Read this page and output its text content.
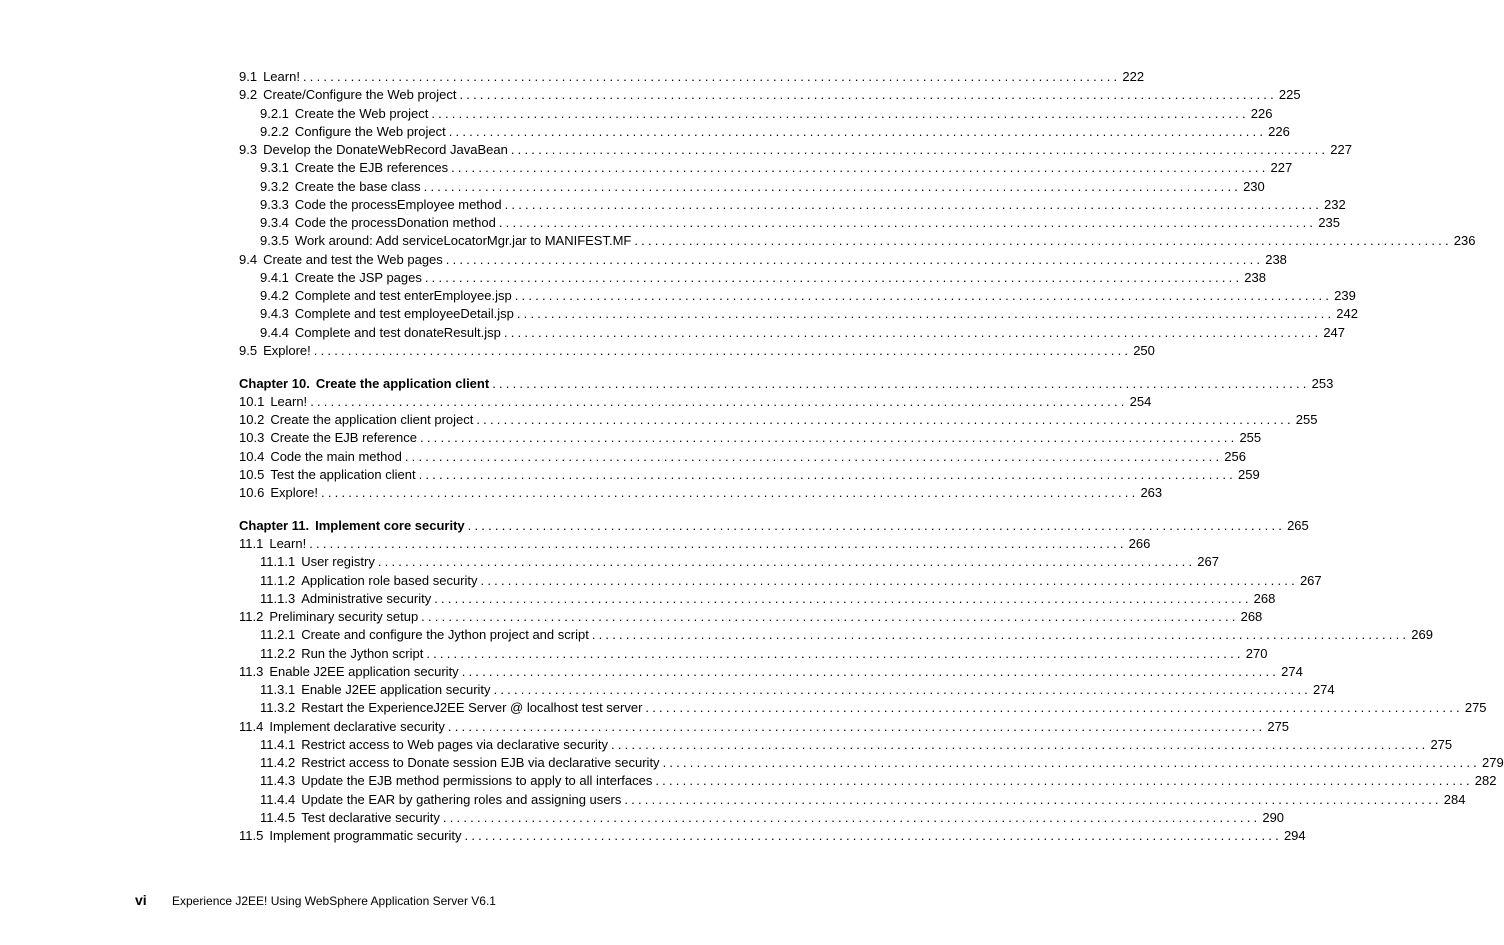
9.1 Learn! ........................................................................................................................ 222
9.2 Create/Configure the Web project ........................................................................................................................ 225
9.2.1 Create the Web project ........................................................................................................................ 226
9.2.2 Configure the Web project ........................................................................................................................ 226
9.3 Develop the DonateWebRecord JavaBean ........................................................................................................................ 227
9.3.1 Create the EJB references ........................................................................................................................ 227
9.3.2 Create the base class ........................................................................................................................ 230
9.3.3 Code the processEmployee method ........................................................................................................................ 232
9.3.4 Code the processDonation method ........................................................................................................................ 235
9.3.5 Work around: Add serviceLocatorMgr.jar to MANIFEST.MF ........................................................................................................................ 236
9.4 Create and test the Web pages ........................................................................................................................ 238
9.4.1 Create the JSP pages ........................................................................................................................ 238
9.4.2 Complete and test enterEmployee.jsp ........................................................................................................................ 239
9.4.3 Complete and test employeeDetail.jsp ........................................................................................................................ 242
9.4.4 Complete and test donateResult.jsp ........................................................................................................................ 247
9.5 Explore! ........................................................................................................................ 250
Chapter 10. Create the application client ........................................................................................................................ 253
10.1 Learn! ........................................................................................................................ 254
10.2 Create the application client project ........................................................................................................................ 255
10.3 Create the EJB reference ........................................................................................................................ 255
10.4 Code the main method ........................................................................................................................ 256
10.5 Test the application client ........................................................................................................................ 259
10.6 Explore! ........................................................................................................................ 263
Chapter 11. Implement core security ........................................................................................................................ 265
11.1 Learn! ........................................................................................................................ 266
11.1.1 User registry ........................................................................................................................ 267
11.1.2 Application role based security ........................................................................................................................ 267
11.1.3 Administrative security ........................................................................................................................ 268
11.2 Preliminary security setup ........................................................................................................................ 268
11.2.1 Create and configure the Jython project and script ........................................................................................................................ 269
11.2.2 Run the Jython script ........................................................................................................................ 270
11.3 Enable J2EE application security ........................................................................................................................ 274
11.3.1 Enable J2EE application security ........................................................................................................................ 274
11.3.2 Restart the ExperienceJ2EE Server @ localhost test server ........................................................................................................................ 275
11.4 Implement declarative security ........................................................................................................................ 275
11.4.1 Restrict access to Web pages via declarative security ........................................................................................................................ 275
11.4.2 Restrict access to Donate session EJB via declarative security ........................................................................................................................ 279
11.4.3 Update the EJB method permissions to apply to all interfaces ........................................................................................................................ 282
11.4.4 Update the EAR by gathering roles and assigning users ........................................................................................................................ 284
11.4.5 Test declarative security ........................................................................................................................ 290
11.5 Implement programmatic security ........................................................................................................................ 294
vi	Experience J2EE! Using WebSphere Application Server V6.1
